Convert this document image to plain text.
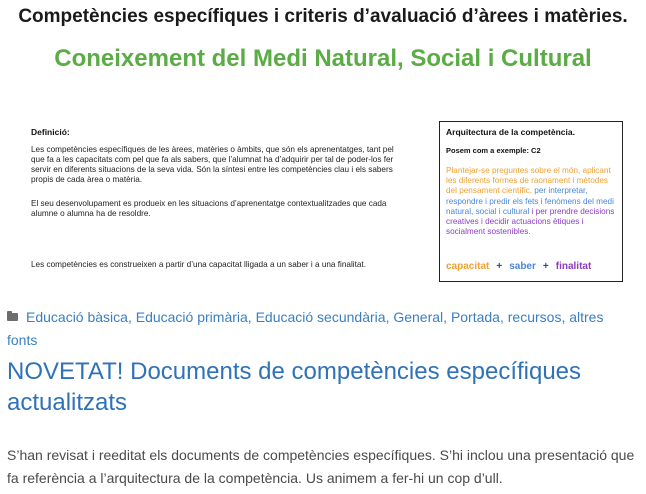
Competències específiques i criteris d’avaluació d’àrees i matèries.
Coneixement del Medi Natural, Social i Cultural
Definició:

Les competències específiques de les àrees, matèries o àmbits, que són els aprenentatges, tant pel que fa a les capacitats com pel que fa als sabers, que l’alumnat ha d’adquirir per tal de poder-los fer servir en diferents situacions de la seva vida. Són la síntesi entre les competències clau i els sabers propis de cada àrea o matèria.

El seu desenvolupament es produeix en les situacions d’aprenentatge contextualitzades que cada alumne o alumna ha de resoldre.

Les competències es construeixen a partir d’una capacitat lligada a un saber i a una finalitat.

Arquitectura de la competència.
Posem com a exemple: C2

Plantejar-se preguntes sobre el món, aplicant les diferents formes de raonament i mètodes del pensament científic, per interpretar, respondre i predir els fets i fenòmens del medi natural, social i cultural i per prendre decisions creatives i decidir actuacions ètiques i socialment sostenibles.

capacitat + saber + finalitat
Educació bàsica, Educació primària, Educació secundària, General, Portada, recursos, altres fonts
NOVETAT! Documents de competències específiques actualitzats

S’han revisat i reeditat els documents de competències específiques. S’hi inclou una presentació que fa referència a l’arquitectura de la competència. Us animem a fer-hi un cop d’ull.
